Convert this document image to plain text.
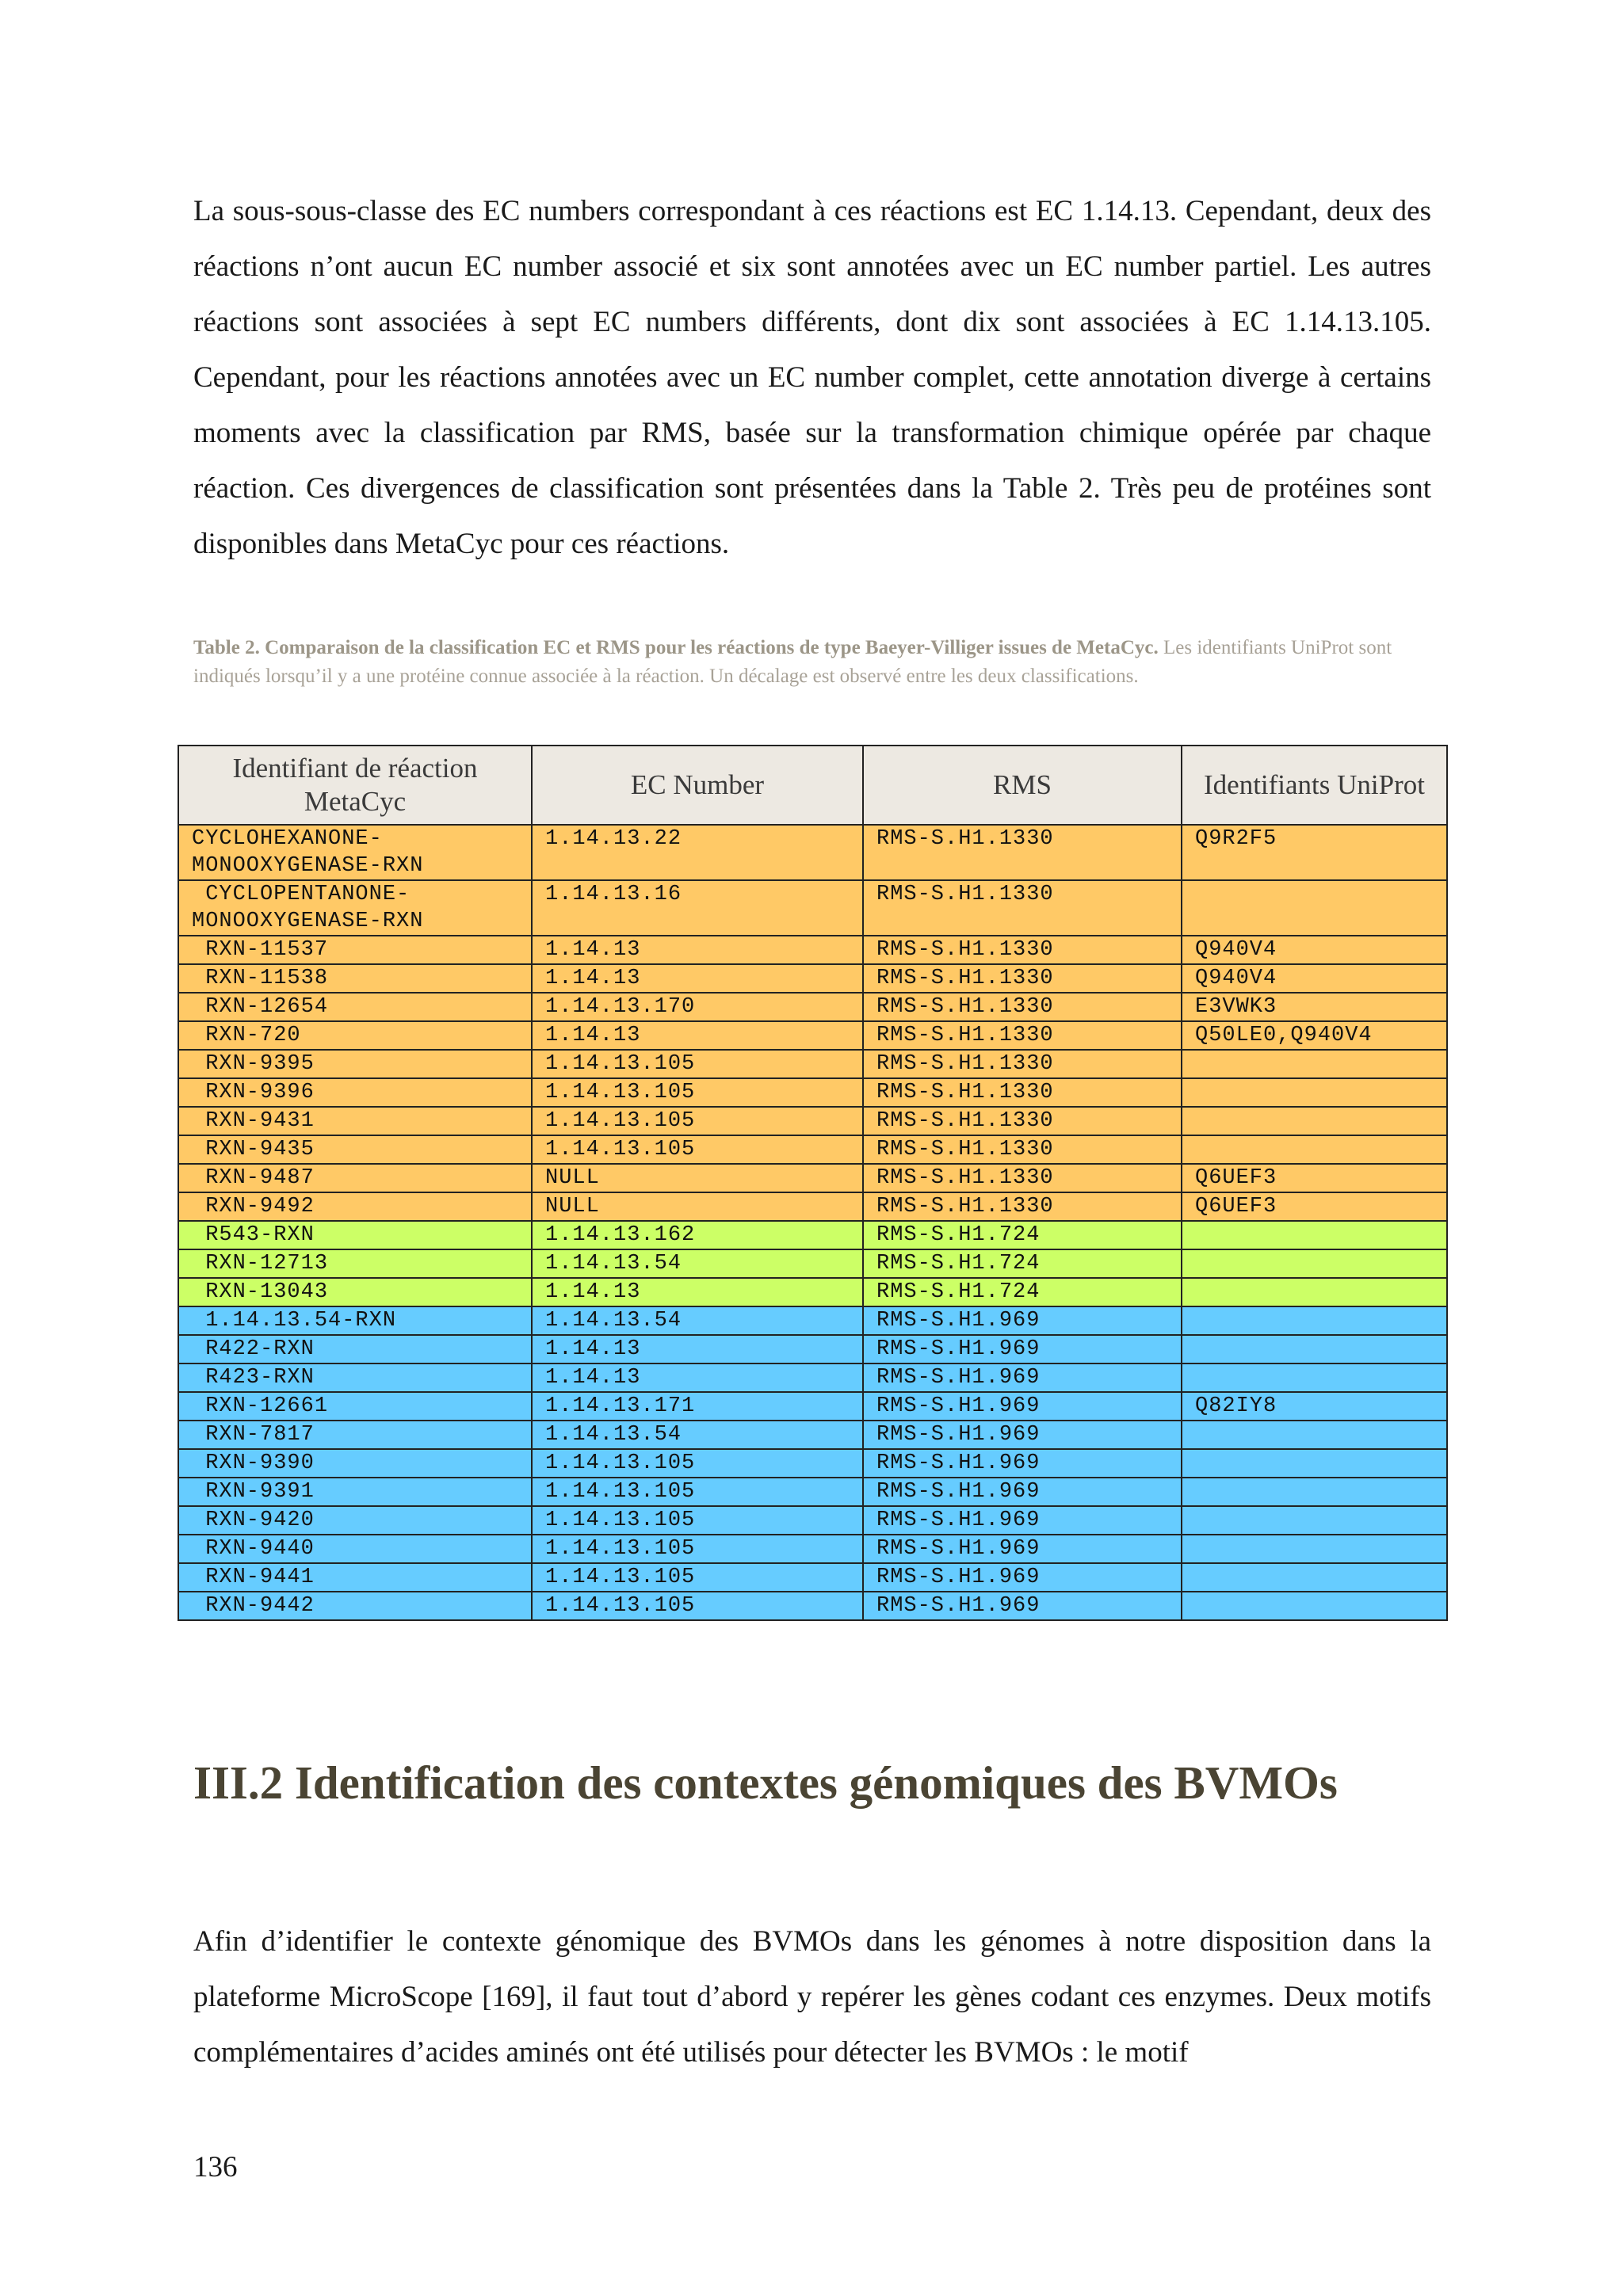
La sous-sous-classe des EC numbers correspondant à ces réactions est EC 1.14.13. Cependant, deux des réactions n’ont aucun EC number associé et six sont annotées avec un EC number partiel. Les autres réactions sont associées à sept EC numbers différents, dont dix sont associées à EC 1.14.13.105. Cependant, pour les réactions annotées avec un EC number complet, cette annotation diverge à certains moments avec la classification par RMS, basée sur la transformation chimique opérée par chaque réaction. Ces divergences de classification sont présentées dans la Table 2. Très peu de protéines sont disponibles dans MetaCyc pour ces réactions.

Table 2. Comparaison de la classification EC et RMS pour les réactions de type Baeyer-Villiger issues de MetaCyc. Les identifiants UniProt sont indiqués lorsqu’il y a une protéine connue associée à la réaction. Un décalage est observé entre les deux classifications.

Identifiant de réaction MetaCyc	EC Number	RMS	Identifiants UniProt
CYCLOHEXANONE-MONOOXYGENASE-RXN	1.14.13.22	RMS-S.H1.1330	Q9R2F5
CYCLOPENTANONE-MONOOXYGENASE-RXN	1.14.13.16	RMS-S.H1.1330	
RXN-11537	1.14.13	RMS-S.H1.1330	Q940V4
RXN-11538	1.14.13	RMS-S.H1.1330	Q940V4
RXN-12654	1.14.13.170	RMS-S.H1.1330	E3VWK3
RXN-720	1.14.13	RMS-S.H1.1330	Q50LE0,Q940V4
RXN-9395	1.14.13.105	RMS-S.H1.1330	
RXN-9396	1.14.13.105	RMS-S.H1.1330	
RXN-9431	1.14.13.105	RMS-S.H1.1330	
RXN-9435	1.14.13.105	RMS-S.H1.1330	
RXN-9487	NULL	RMS-S.H1.1330	Q6UEF3
RXN-9492	NULL	RMS-S.H1.1330	Q6UEF3
R543-RXN	1.14.13.162	RMS-S.H1.724	
RXN-12713	1.14.13.54	RMS-S.H1.724	
RXN-13043	1.14.13	RMS-S.H1.724	
1.14.13.54-RXN	1.14.13.54	RMS-S.H1.969	
R422-RXN	1.14.13	RMS-S.H1.969	
R423-RXN	1.14.13	RMS-S.H1.969	
RXN-12661	1.14.13.171	RMS-S.H1.969	Q82IY8
RXN-7817	1.14.13.54	RMS-S.H1.969	
RXN-9390	1.14.13.105	RMS-S.H1.969	
RXN-9391	1.14.13.105	RMS-S.H1.969	
RXN-9420	1.14.13.105	RMS-S.H1.969	
RXN-9440	1.14.13.105	RMS-S.H1.969	
RXN-9441	1.14.13.105	RMS-S.H1.969	
RXN-9442	1.14.13.105	RMS-S.H1.969	
III.2 Identification des contextes génomiques des BVMOs

Afin d’identifier le contexte génomique des BVMOs dans les génomes à notre disposition dans la plateforme MicroScope [169], il faut tout d’abord y repérer les gènes codant ces enzymes. Deux motifs complémentaires d’acides aminés ont été utilisés pour détecter les BVMOs : le motif

136
